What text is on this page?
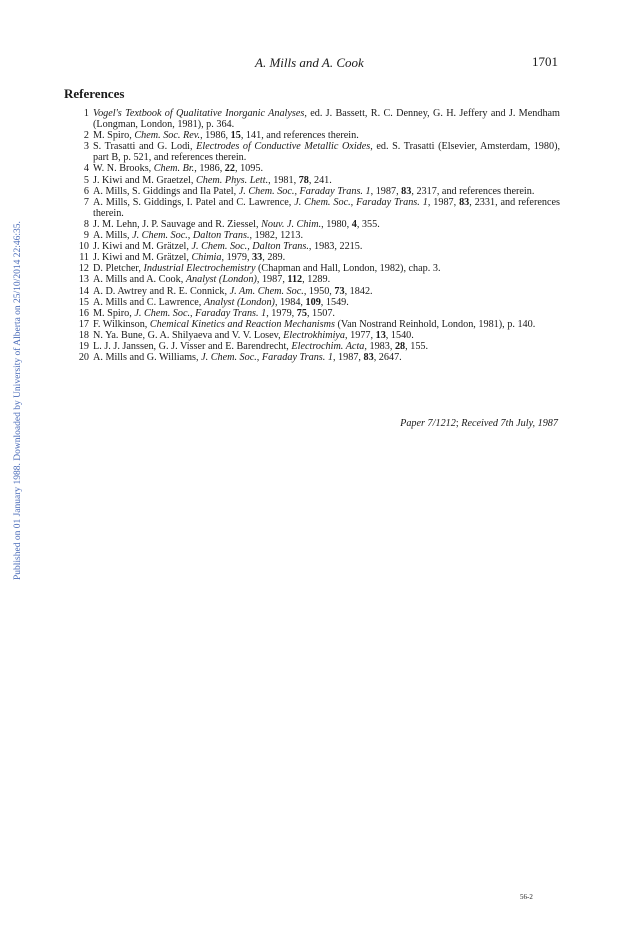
Published on 01 January 1988. Downloaded by University of Alberta on 25/10/2014 22:46:35.
A. Mills and A. Cook	1701
References
1 Vogel's Textbook of Qualitative Inorganic Analyses, ed. J. Bassett, R. C. Denney, G. H. Jeffery and J. Mendham (Longman, London, 1981), p. 364.
2 M. Spiro, Chem. Soc. Rev., 1986, 15, 141, and references therein.
3 S. Trasatti and G. Lodi, Electrodes of Conductive Metallic Oxides, ed. S. Trasatti (Elsevier, Amsterdam, 1980), part B, p. 521, and references therein.
4 W. N. Brooks, Chem. Br., 1986, 22, 1095.
5 J. Kiwi and M. Graetzel, Chem. Phys. Lett., 1981, 78, 241.
6 A. Mills, S. Giddings and Ila Patel, J. Chem. Soc., Faraday Trans. 1, 1987, 83, 2317, and references therein.
7 A. Mills, S. Giddings, I. Patel and C. Lawrence, J. Chem. Soc., Faraday Trans. 1, 1987, 83, 2331, and references therein.
8 J. M. Lehn, J. P. Sauvage and R. Ziessel, Nouv. J. Chim., 1980, 4, 355.
9 A. Mills, J. Chem. Soc., Dalton Trans., 1982, 1213.
10 J. Kiwi and M. Grätzel, J. Chem. Soc., Dalton Trans., 1983, 2215.
11 J. Kiwi and M. Grätzel, Chimia, 1979, 33, 289.
12 D. Pletcher, Industrial Electrochemistry (Chapman and Hall, London, 1982), chap. 3.
13 A. Mills and A. Cook, Analyst (London), 1987, 112, 1289.
14 A. D. Awtrey and R. E. Connick, J. Am. Chem. Soc., 1950, 73, 1842.
15 A. Mills and C. Lawrence, Analyst (London), 1984, 109, 1549.
16 M. Spiro, J. Chem. Soc., Faraday Trans. 1, 1979, 75, 1507.
17 F. Wilkinson, Chemical Kinetics and Reaction Mechanisms (Van Nostrand Reinhold, London, 1981), p. 140.
18 N. Ya. Bune, G. A. Shilyaeva and V. V. Losev, Electrokhimiya, 1977, 13, 1540.
19 L. J. J. Janssen, G. J. Visser and E. Barendrecht, Electrochim. Acta, 1983, 28, 155.
20 A. Mills and G. Williams, J. Chem. Soc., Faraday Trans. 1, 1987, 83, 2647.
Paper 7/1212; Received 7th July, 1987
56-2
